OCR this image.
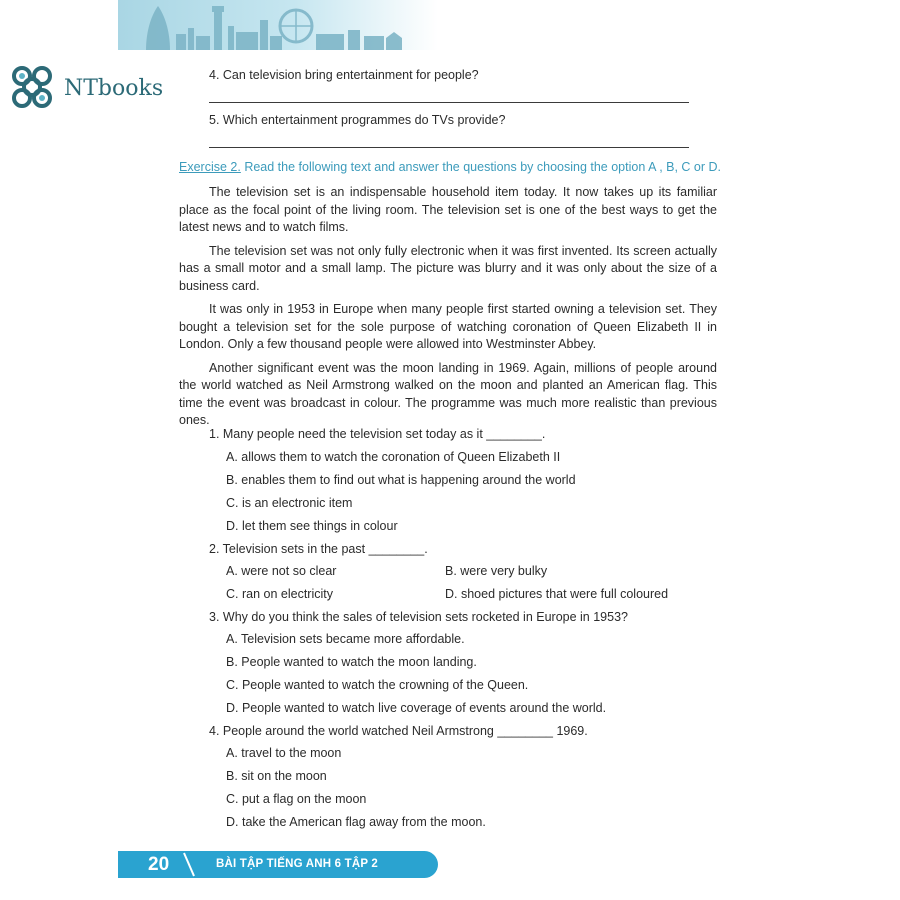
NTbooks
4. Can television bring entertainment for people?
5. Which entertainment programmes do TVs provide?
Exercise 2. Read the following text and answer the questions by choosing the option A , B, C or D.

The television set is an indispensable household item today. It now takes up its familiar place as the focal point of the living room. The television set is one of the best ways to get the latest news and to watch films.

The television set was not only fully electronic when it was first invented. Its screen actually has a small motor and a small lamp. The picture was blurry and it was only about the size of a business card.

It was only in 1953 in Europe when many people first started owning a television set. They bought a television set for the sole purpose of watching coronation of Queen Elizabeth II in London. Only a few thousand people were allowed into Westminster Abbey.

Another significant event was the moon landing in 1969. Again, millions of people around the world watched as Neil Armstrong walked on the moon and planted an American flag. This time the event was broadcast in colour. The programme was much more realistic than previous ones.

1. Many people need the television set today as it ________.
A. allows them to watch the coronation of Queen Elizabeth II
B. enables them to find out what is happening around the world
C. is an electronic item
D. let them see things in colour
2. Television sets in the past ________.
A. were not so clear	B. were very bulky
C. ran on electricity	D. shoed pictures that were full coloured
3. Why do you think the sales of television sets rocketed in Europe in 1953?
A. Television sets became more affordable.
B. People wanted to watch the moon landing.
C. People wanted to watch the crowning of the Queen.
D. People wanted to watch live coverage of events around the world.
4. People around the world watched Neil Armstrong ________ 1969.
A. travel to the moon
B. sit on the moon
C. put a flag on the moon
D. take the American flag away from the moon.
20	BÀI TẬP TIẾNG ANH 6 TẬP 2
